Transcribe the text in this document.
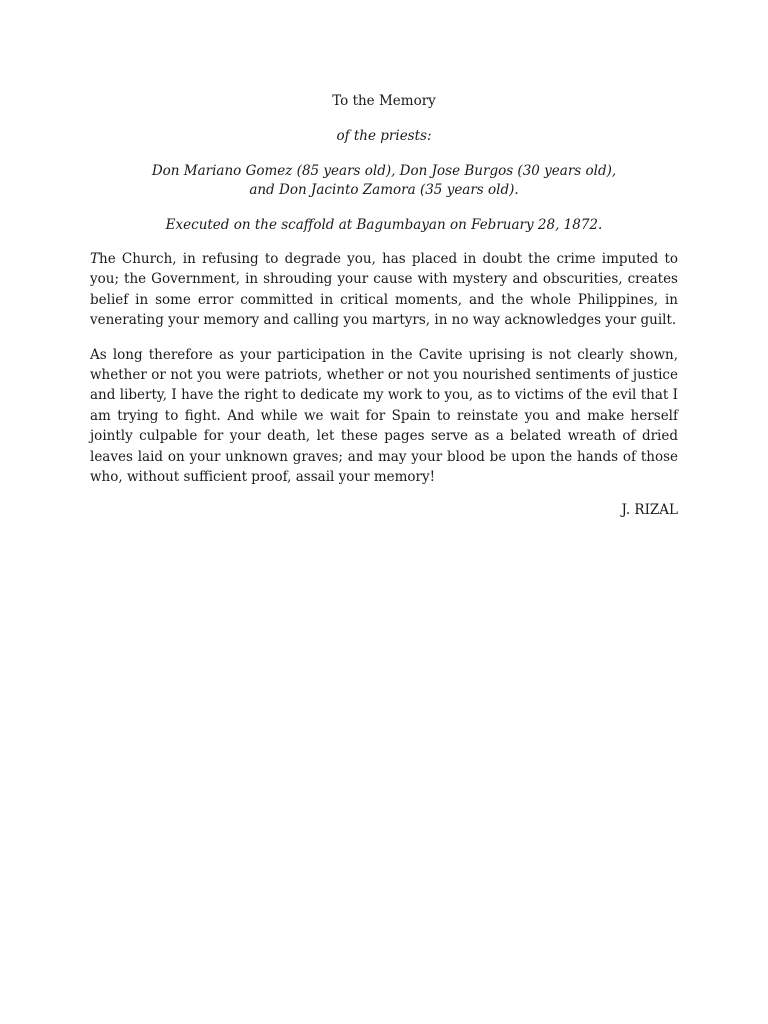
To the Memory

of the priests:

Don Mariano Gomez (85 years old), Don Jose Burgos (30 years old),
and Don Jacinto Zamora (35 years old).

Executed on the scaffold at Bagumbayan on February 28, 1872.

The Church, in refusing to degrade you, has placed in doubt the crime imputed to you; the Government, in shrouding your cause with mystery and obscurities, creates belief in some error committed in critical moments, and the whole Philippines, in venerating your memory and calling you martyrs, in no way acknowledges your guilt.

As long therefore as your participation in the Cavite uprising is not clearly shown, whether or not you were patriots, whether or not you nourished sentiments of justice and liberty, I have the right to dedicate my work to you, as to victims of the evil that I am trying to fight. And while we wait for Spain to reinstate you and make herself jointly culpable for your death, let these pages serve as a belated wreath of dried leaves laid on your unknown graves; and may your blood be upon the hands of those who, without sufficient proof, assail your memory!

J. RIZAL
